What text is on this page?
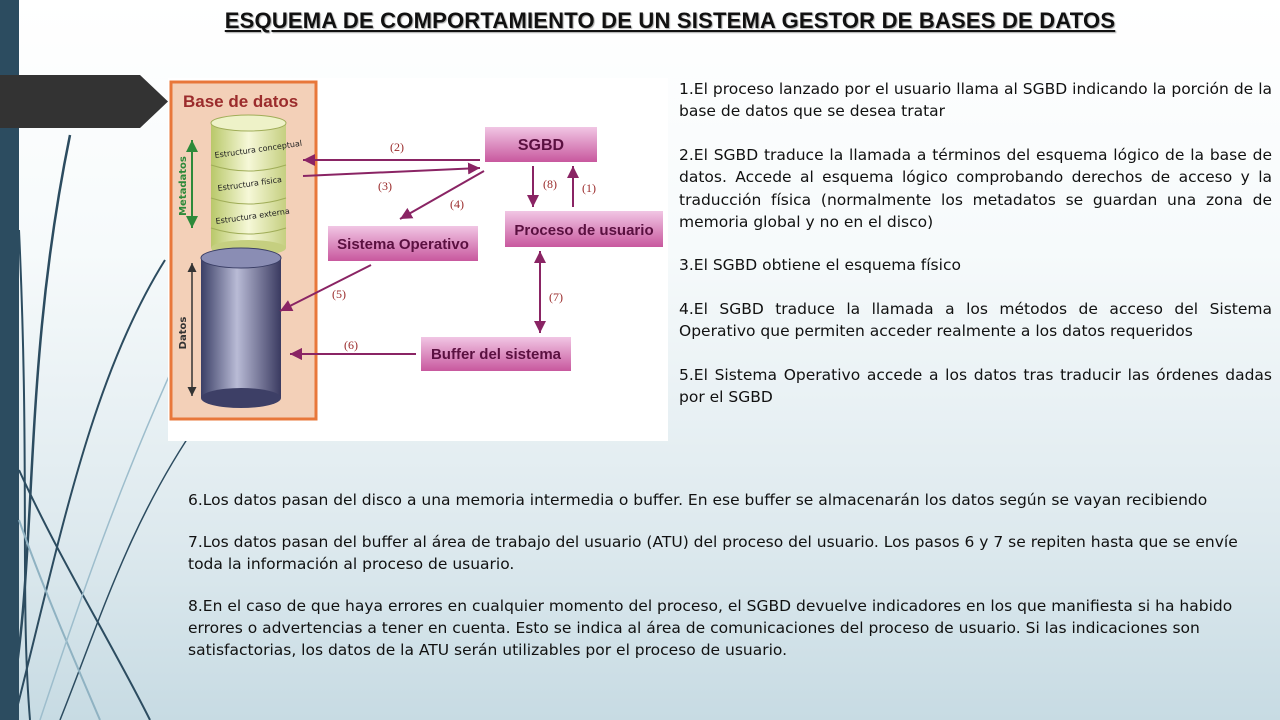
ESQUEMA DE COMPORTAMIENTO DE UN SISTEMA GESTOR DE BASES DE DATOS
Base de datos
Estructura conceptual
Estructura física
Estructura externa
Metadatos
Datos
SGBD
Proceso de usuario
Sistema Operativo
Buffer del sistema
(2)
(3)
(4)
(5)
(6)
(8) (1)
(7)

1.El proceso lanzado por el usuario llama al SGBD indicando la porción de la base de datos que se desea tratar

2.El SGBD traduce la llamada a términos del esquema lógico de la base de datos. Accede al esquema lógico comprobando derechos de acceso y la traducción física (normalmente los metadatos se guardan una zona de memoria global y no en el disco)

3.El SGBD obtiene el esquema físico

4.El SGBD traduce la llamada a los métodos de acceso del Sistema Operativo que permiten acceder realmente a los datos requeridos

5.El Sistema Operativo accede a los datos tras traducir las órdenes dadas por el SGBD

6.Los datos pasan del disco a una memoria intermedia o buffer. En ese buffer se almacenarán los datos según se vayan recibiendo

7.Los datos pasan del buffer al área de trabajo del usuario (ATU) del proceso del usuario. Los pasos 6 y 7 se repiten hasta que se envíe toda la información al proceso de usuario.

8.En el caso de que haya errores en cualquier momento del proceso, el SGBD devuelve indicadores en los que manifiesta si ha habido errores o advertencias a tener en cuenta. Esto se indica al área de comunicaciones del proceso de usuario. Si las indicaciones son satisfactorias, los datos de la ATU serán utilizables por el proceso de usuario.
